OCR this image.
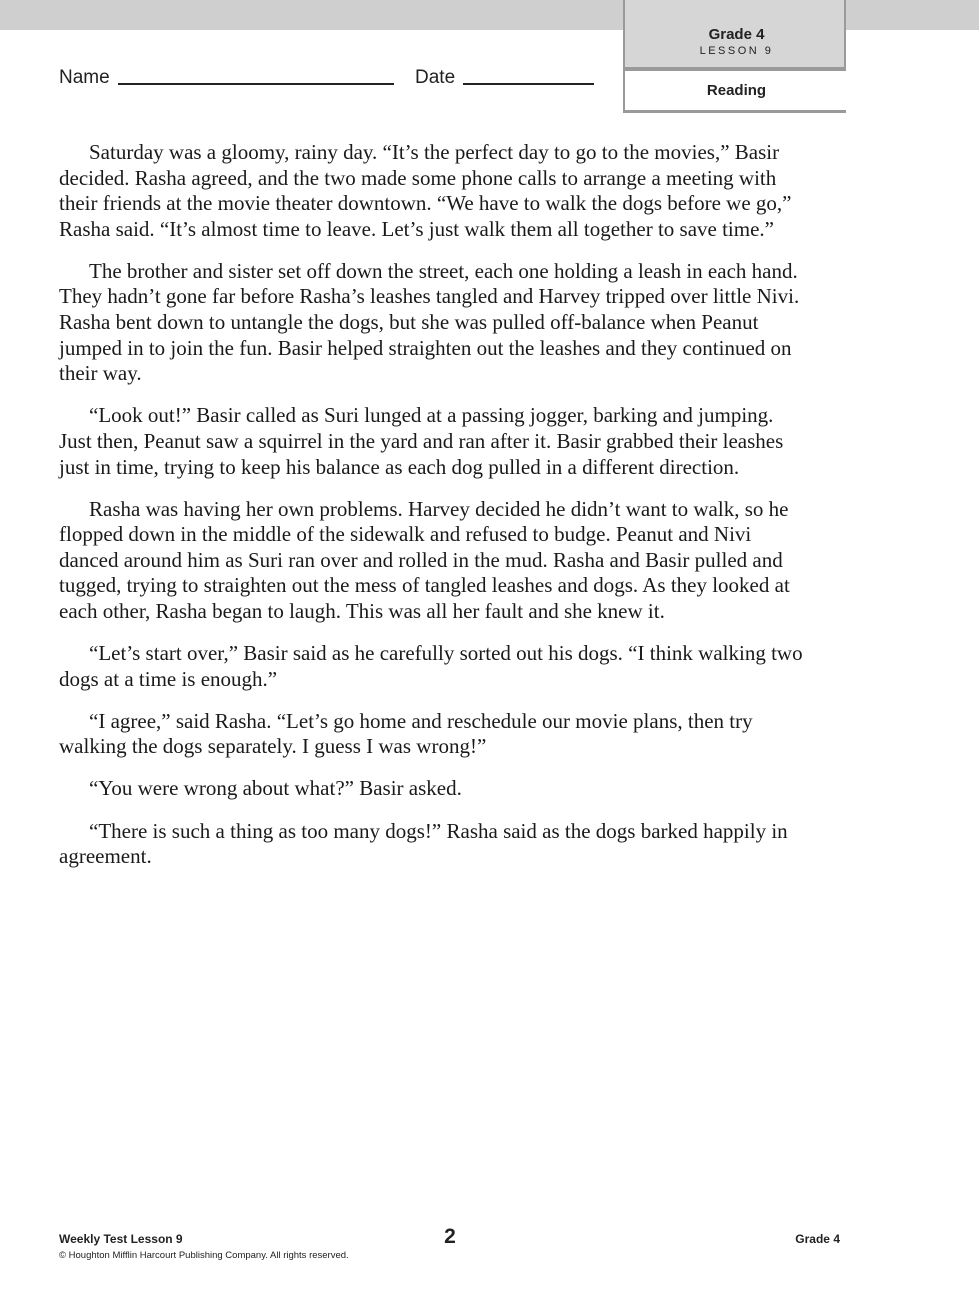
Grade 4
LESSON 9
Reading
Name	Date

Saturday was a gloomy, rainy day. “It’s the perfect day to go to the movies,” Basir decided. Rasha agreed, and the two made some phone calls to arrange a meeting with their friends at the movie theater downtown. “We have to walk the dogs before we go,” Rasha said. “It’s almost time to leave. Let’s just walk them all together to save time.”

The brother and sister set off down the street, each one holding a leash in each hand. They hadn’t gone far before Rasha’s leashes tangled and Harvey tripped over little Nivi. Rasha bent down to untangle the dogs, but she was pulled off-balance when Peanut jumped in to join the fun. Basir helped straighten out the leashes and they continued on their way.

“Look out!” Basir called as Suri lunged at a passing jogger, barking and jumping. Just then, Peanut saw a squirrel in the yard and ran after it. Basir grabbed their leashes just in time, trying to keep his balance as each dog pulled in a different direction.

Rasha was having her own problems. Harvey decided he didn’t want to walk, so he flopped down in the middle of the sidewalk and refused to budge. Peanut and Nivi danced around him as Suri ran over and rolled in the mud. Rasha and Basir pulled and tugged, trying to straighten out the mess of tangled leashes and dogs. As they looked at each other, Rasha began to laugh. This was all her fault and she knew it.

“Let’s start over,” Basir said as he carefully sorted out his dogs. “I think walking two dogs at a time is enough.”

“I agree,” said Rasha. “Let’s go home and reschedule our movie plans, then try walking the dogs separately. I guess I was wrong!”

“You were wrong about what?” Basir asked.

“There is such a thing as too many dogs!” Rasha said as the dogs barked happily in agreement.

Weekly Test Lesson 9
© Houghton Mifflin Harcourt Publishing Company. All rights reserved.
2	Grade 4
